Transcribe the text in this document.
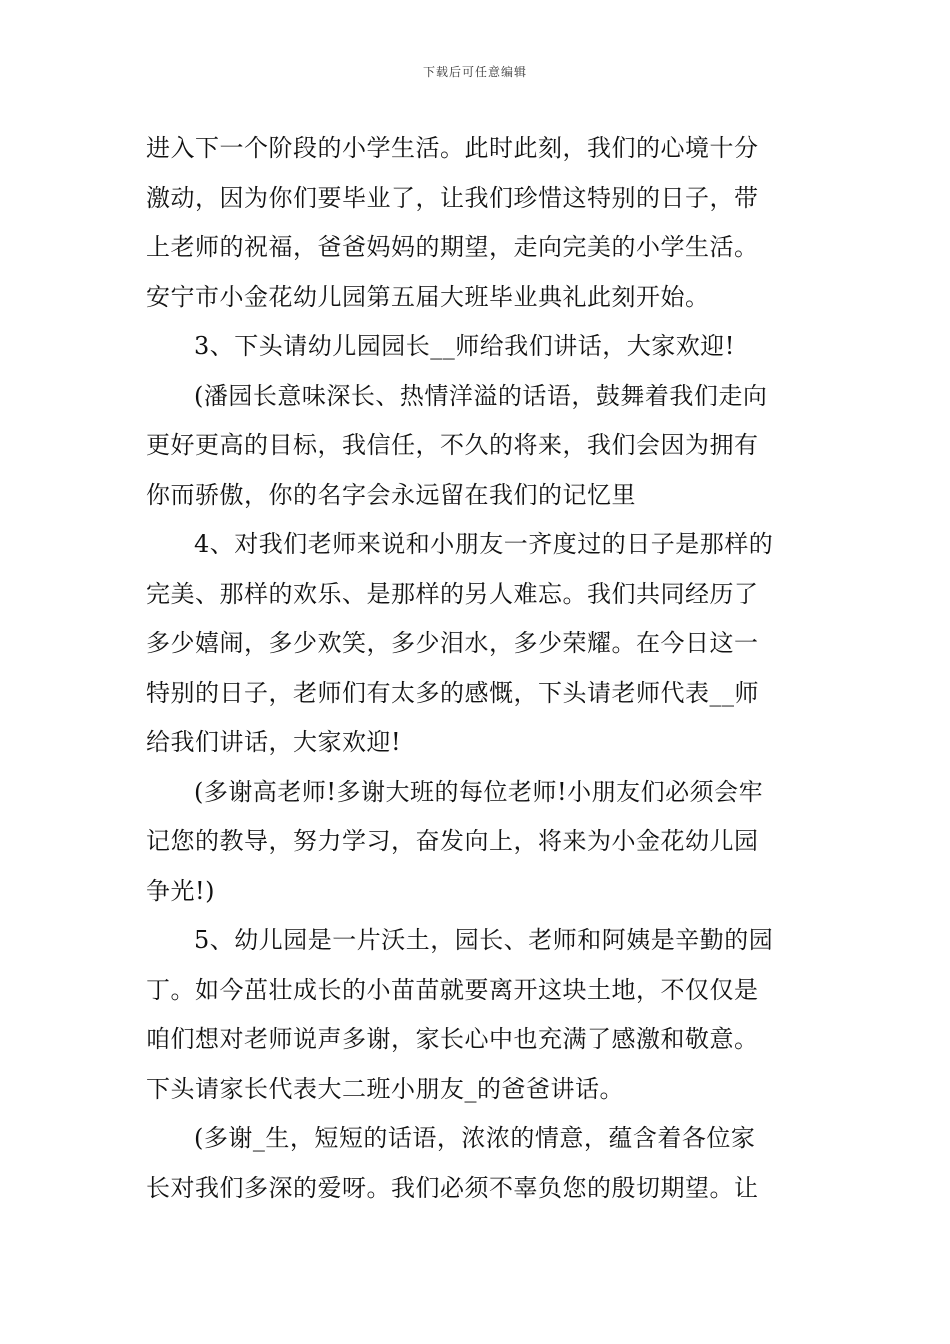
下载后可任意编辑
进入下一个阶段的小学生活。此时此刻，我们的心境十分
激动，因为你们要毕业了，让我们珍惜这特别的日子，带
上老师的祝福，爸爸妈妈的期望，走向完美的小学生活。
安宁市小金花幼儿园第五届大班毕业典礼此刻开始。
3、下头请幼儿园园长__师给我们讲话，大家欢迎!
(潘园长意味深长、热情洋溢的话语，鼓舞着我们走向
更好更高的目标，我信任，不久的将来，我们会因为拥有
你而骄傲，你的名字会永远留在我们的记忆里
4、对我们老师来说和小朋友一齐度过的日子是那样的
完美、那样的欢乐、是那样的另人难忘。我们共同经历了
多少嬉闹，多少欢笑，多少泪水，多少荣耀。在今日这一
特别的日子，老师们有太多的感慨，下头请老师代表__师
给我们讲话，大家欢迎!
(多谢高老师!多谢大班的每位老师!小朋友们必须会牢
记您的教导，努力学习，奋发向上，将来为小金花幼儿园
争光!)
5、幼儿园是一片沃土，园长、老师和阿姨是辛勤的园
丁。如今茁壮成长的小苗苗就要离开这块土地，不仅仅是
咱们想对老师说声多谢，家长心中也充满了感激和敬意。
下头请家长代表大二班小朋友_的爸爸讲话。
(多谢_生，短短的话语，浓浓的情意，蕴含着各位家
长对我们多深的爱呀。我们必须不辜负您的殷切期望。让
